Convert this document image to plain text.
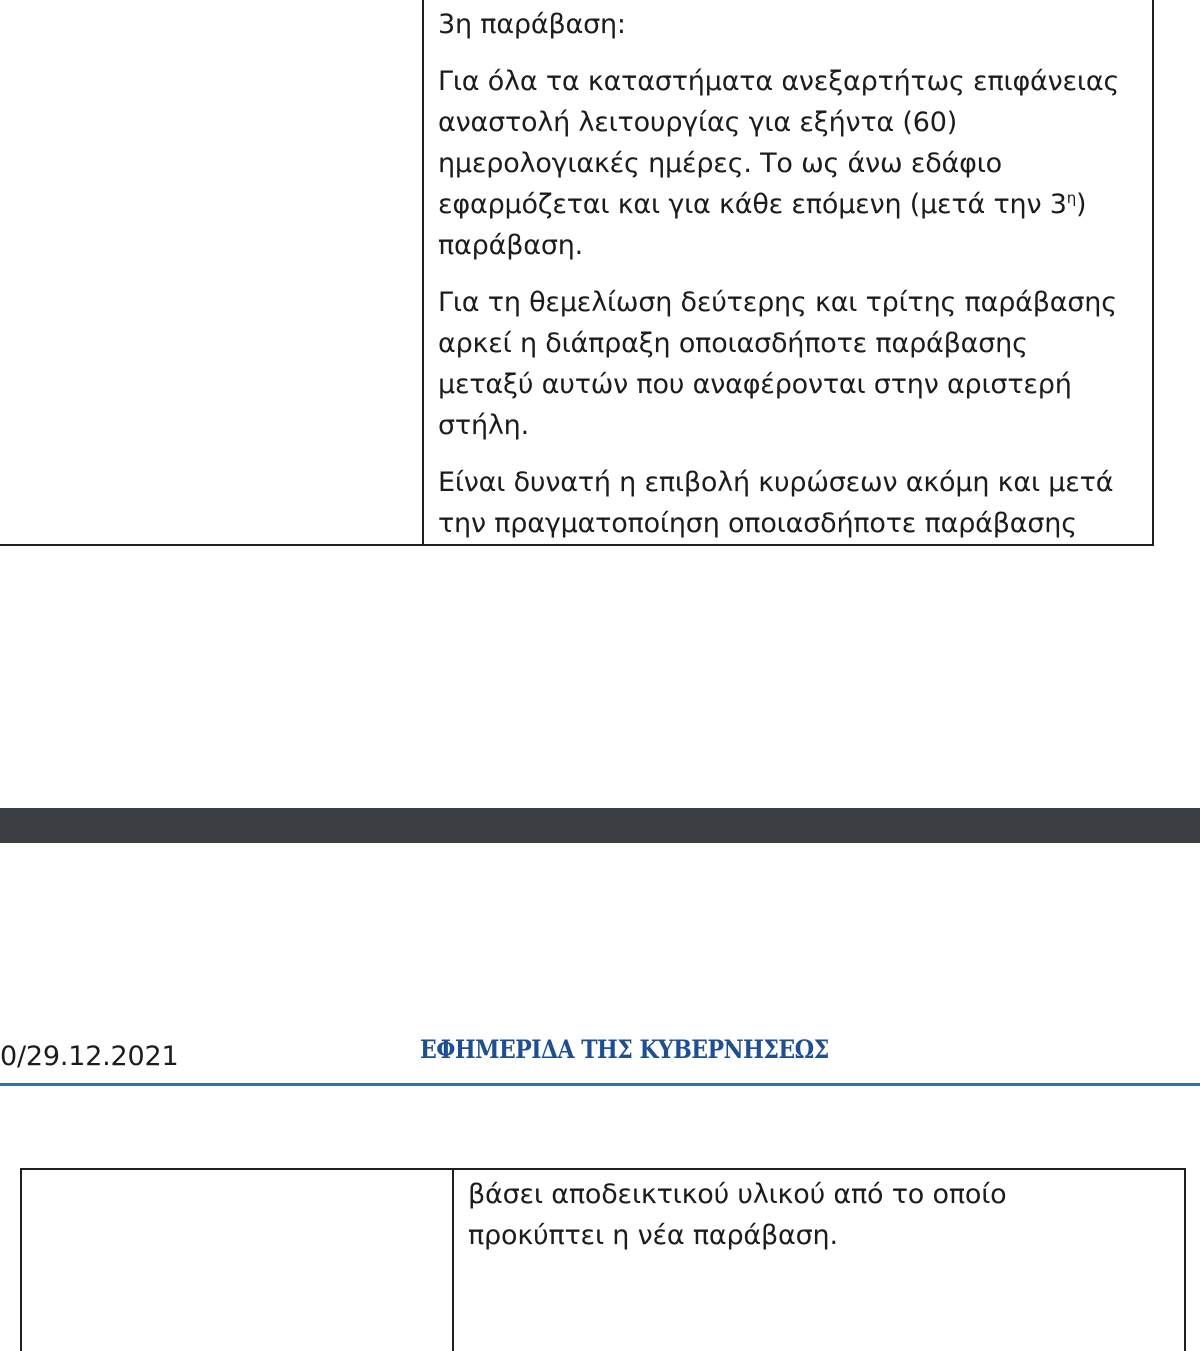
3η παράβαση:

Για όλα τα καταστήματα ανεξαρτήτως επιφάνειας

αναστολή λειτουργίας για εξήντα (60)

ημερολογιακές ημέρες. Το ως άνω εδάφιο

εφαρμόζεται και για κάθε επόμενη (μετά την $3^\eta$)

παράβαση.

Για τη θεμελίωση δεύτερης και τρίτης παράβασης

αρκεί η διάπραξη οποιασδήποτε παράβασης

μεταξύ αυτών που αναφέρονται στην αριστερή

στήλη.

Είναι δυνατή η επιβολή κυρώσεων ακόμη και μετά

την πραγματοποίηση οποιασδήποτε παράβασης

0/29.12.2021	ΕΦΗΜΕΡΙΔΑ ΤΗΣ ΚΥΒΕΡΝΗΣΕΩΣ

βάσει αποδεικτικού υλικού από το οποίο

προκύπτει η νέα παράβαση.
